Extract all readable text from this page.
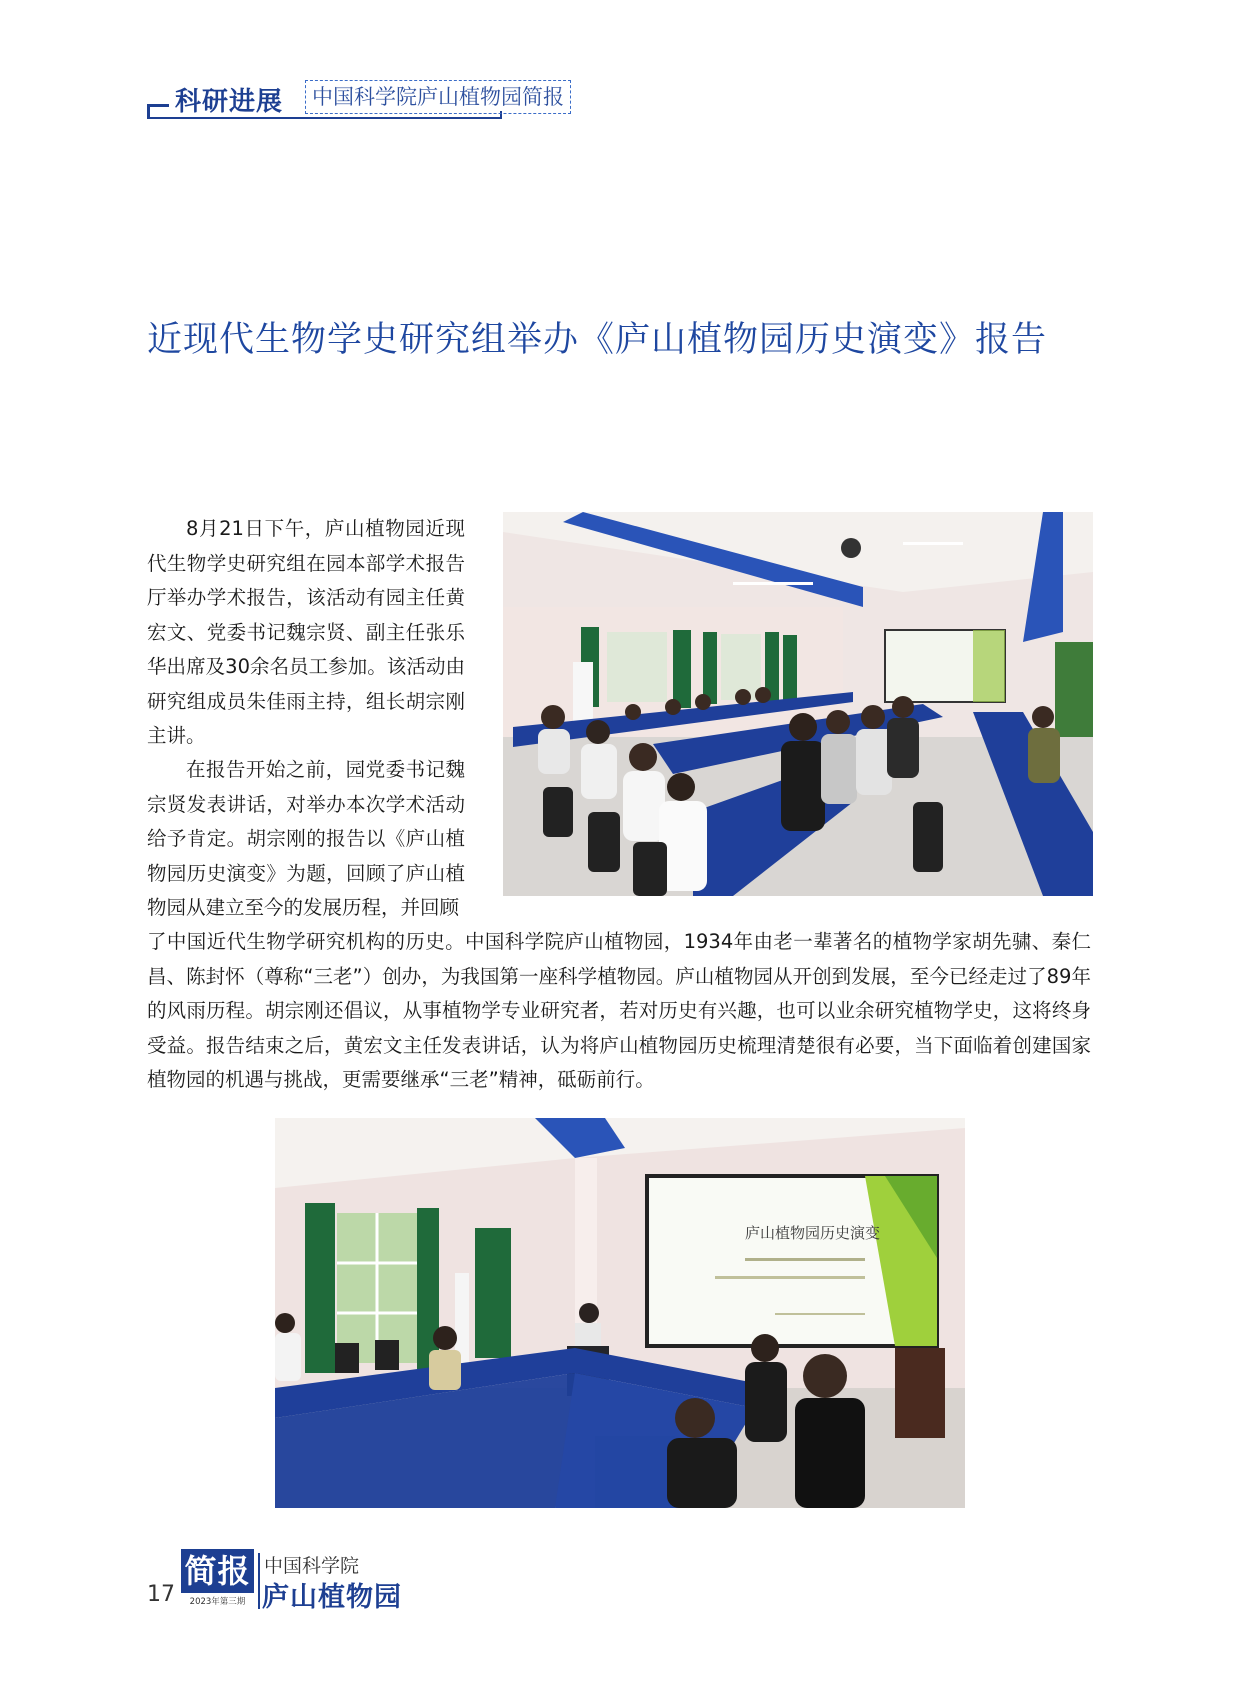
科研进展	中国科学院庐山植物园简报
近现代生物学史研究组举办《庐山植物园历史演变》报告

8月21日下午，庐山植物园近现代生物学史研究组在园本部学术报告厅举办学术报告，该活动有园主任黄宏文、党委书记魏宗贤、副主任张乐华出席及30余名员工参加。该活动由研究组成员朱佳雨主持，组长胡宗刚主讲。

在报告开始之前，园党委书记魏宗贤发表讲话，对举办本次学术活动给予肯定。胡宗刚的报告以《庐山植物园历史演变》为题，回顾了庐山植物园从建立至今的发展历程，并回顾

了中国近代生物学研究机构的历史。中国科学院庐山植物园，1934年由老一辈著名的植物学家胡先骕、秦仁昌、陈封怀（尊称“三老”）创办，为我国第一座科学植物园。庐山植物园从开创到发展，至今已经走过了89年的风雨历程。胡宗刚还倡议，从事植物学专业研究者，若对历史有兴趣，也可以业余研究植物学史，这将终身受益。报告结束之后，黄宏文主任发表讲话，认为将庐山植物园历史梳理清楚很有必要，当下面临着创建国家植物园的机遇与挑战，更需要继承“三老”精神，砥砺前行。

庐山植物园历史演变
17
简报
2023年第三期
中国科学院
庐山植物园
